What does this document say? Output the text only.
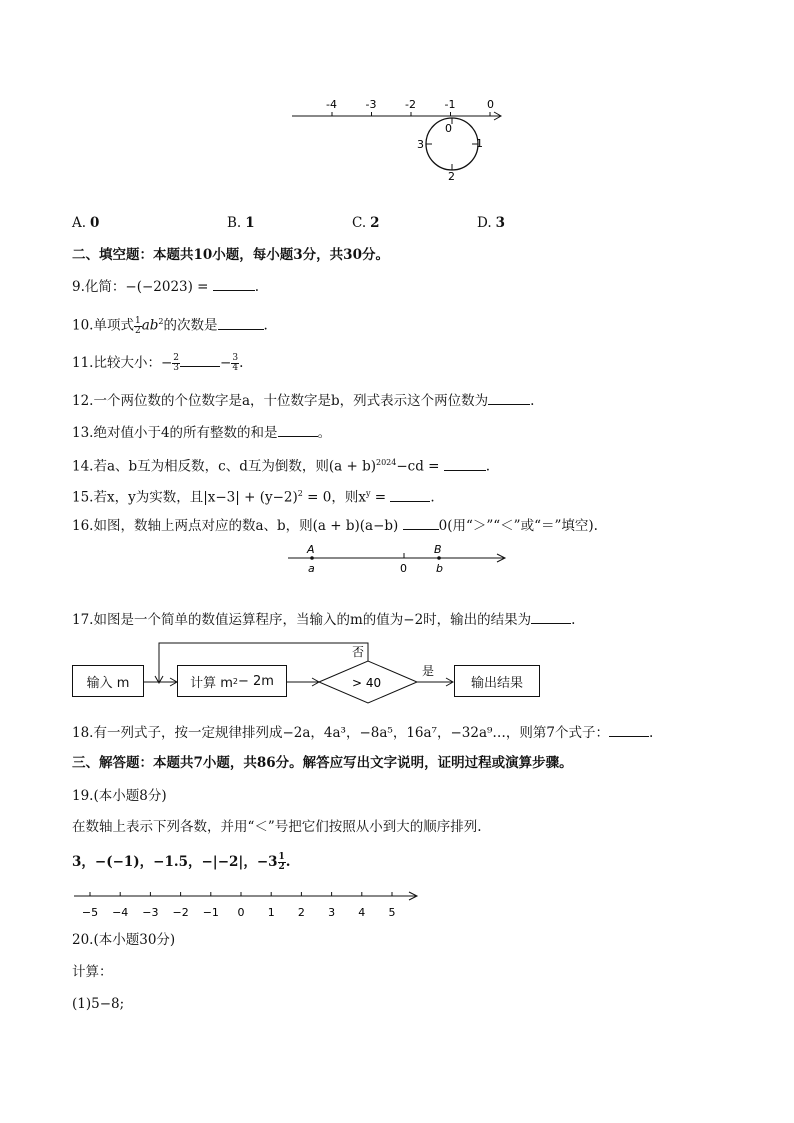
-4	-3	-2	-1	0
0
1
2
3
A. 0	B. 1	C. 2	D. 3
二、填空题：本题共10小题，每小题3分，共30分。
9.化简：−(−2023) =	.
10.单项式 $\frac{1}{2} ab^2$的次数是	.
11.比较大小：− $\frac{2}{3}$	− $\frac{3}{4}$ .
12.一个两位数的个位数字是a，十位数字是b，列式表示这个两位数为	.
13.绝对值小于4的所有整数的和是	。
14.若a、b互为相反数，c、d互为倒数，则$(a + b)^{2024}-cd$ =	.
15.若x，y为实数，且$|x-3| + (y-2)^2 = 0$，则$x^y$ =	.
16.如图，数轴上两点对应的数a、b，则(a + b)(a−b)	0(用“＞”“＜”或“＝”填空).
A
a	0
B
b
17.如图是一个简单的数值运算程序，当输入的m的值为−2时，输出的结果为	.
> 40
否
是
输入 m	计算 m 2 − 2m	输出结果
18.有一列式子，按一定规律排列成−2a，4a³，−8a⁵，16a⁷，−32a⁹…，则第7个式子：	.
三、解答题：本题共7小题，共86分。解答应写出文字说明，证明过程或演算步骤。
19.(本小题8分)
在数轴上表示下列各数，并用“＜”号把它们按照从小到大的顺序排列.
3，−(−1)，−1.5，−|−2|，$-3 \frac{1}{2}$ .
−5 −4 −3 −2 −1 0 1 2 3 4 5
20.(本小题30分)
计算：
(1)5−8;
